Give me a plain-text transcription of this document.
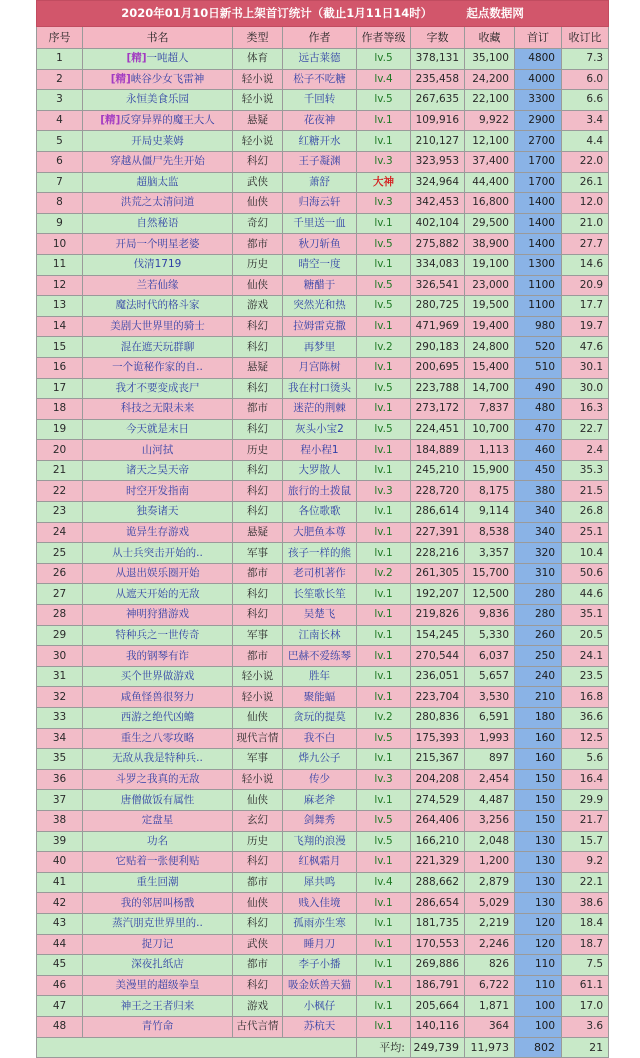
2020年01月10日新书上架首订统计（截止1月11日14时） 起点数据网								
序号	书名	类型	作者	作者等级	字数	收藏	首订	收订比
1	[精]一吨超人	体育	远古莱德	lv.5	378,131	35,100	4800	7.3
2	[精]峡谷少女飞雷神	轻小说	松子不吃糖	lv.4	235,458	24,200	4000	6.0
3	永恒美食乐园	轻小说	千回转	lv.5	267,635	22,100	3300	6.6
4	[精]反穿异界的魔王大人	悬疑	花夜神	lv.1	109,916	9,922	2900	3.4
5	开局史莱姆	轻小说	红糖开水	lv.1	210,127	12,100	2700	4.4
6	穿越从僵尸先生开始	科幻	王子凝渊	lv.3	323,953	37,400	1700	22.0
7	超脑太监	武侠	萧舒	大神	324,964	44,400	1700	26.1
8	洪荒之太清问道	仙侠	归海云轩	lv.3	342,453	16,800	1400	12.0
9	自然秘语	奇幻	千里送一血	lv.1	402,104	29,500	1400	21.0
10	开局一个明星老婆	都市	秋刀斩鱼	lv.5	275,882	38,900	1400	27.7
11	伐清1719	历史	晴空一度	lv.1	334,083	19,100	1300	14.6
12	兰若仙缘	仙侠	糖醋于	lv.5	326,541	23,000	1100	20.9
13	魔法时代的格斗家	游戏	突然光和热	lv.5	280,725	19,500	1100	17.7
14	美剧大世界里的骑士	科幻	拉姆雷克撒	lv.1	471,969	19,400	980	19.7
15	混在遮天玩群聊	科幻	再梦里	lv.2	290,183	24,800	520	47.6
16	一个诡秘作家的自..	悬疑	月宫陈树	lv.1	200,695	15,400	510	30.1
17	我才不要变成丧尸	科幻	我在村口烫头	lv.5	223,788	14,700	490	30.0
18	科技之无限未来	都市	迷茫的荆棘	lv.1	273,172	7,837	480	16.3
19	今天就是末日	科幻	灰头小宝2	lv.5	224,451	10,700	470	22.7
20	山河拭	历史	程小程1	lv.1	184,889	1,113	460	2.4
21	诸天之昊天帝	科幻	大罗散人	lv.1	245,210	15,900	450	35.3
22	时空开发指南	科幻	旅行的土拨鼠	lv.3	228,720	8,175	380	21.5
23	独奏诸天	科幻	各位歌歌	lv.1	286,614	9,114	340	26.8
24	诡异生存游戏	悬疑	大肥鱼本尊	lv.1	227,391	8,538	340	25.1
25	从士兵突击开始的..	军事	孩子一样的熊	lv.1	228,216	3,357	320	10.4
26	从退出娱乐圈开始	都市	老司机著作	lv.2	261,305	15,700	310	50.6
27	从遮天开始的无敌	科幻	长笙歌长笙	lv.1	192,207	12,500	280	44.6
28	神明狩猎游戏	科幻	吴楚飞	lv.1	219,826	9,836	280	35.1
29	特种兵之一世传奇	军事	江南长林	lv.1	154,245	5,330	260	20.5
30	我的钢琴有诈	都市	巴赫不爱练琴	lv.1	270,544	6,037	250	24.1
31	买个世界做游戏	轻小说	胜年	lv.1	236,051	5,657	240	23.5
32	咸鱼怪兽很努力	轻小说	聚能蝠	lv.1	223,704	3,530	210	16.8
33	西游之绝代凶蟾	仙侠	贪玩的提莫	lv.2	280,836	6,591	180	36.6
34	重生之八零攻略	现代言情	我不白	lv.5	175,393	1,993	160	12.5
35	无敌从我是特种兵..	军事	烨九公子	lv.1	215,367	897	160	5.6
36	斗罗之我真的无敌	轻小说	传少	lv.3	204,208	2,454	150	16.4
37	唐僧做饭有属性	仙侠	麻老斧	lv.1	274,529	4,487	150	29.9
38	定盘星	玄幻	剑舞秀	lv.5	264,406	3,256	150	21.7
39	功名	历史	飞翔的浪漫	lv.5	166,210	2,048	130	15.7
40	它贴着一张便利贴	科幻	红枫霜月	lv.1	221,329	1,200	130	9.2
41	重生回潮	都市	犀共鸣	lv.4	288,662	2,879	130	22.1
42	我的邻居叫杨戬	仙侠	贱入佳境	lv.1	286,654	5,029	130	38.6
43	蒸汽朋克世界里的..	科幻	孤雨亦生寒	lv.1	181,735	2,219	120	18.4
44	捉刀记	武侠	睡月刀	lv.1	170,553	2,246	120	18.7
45	深夜扎纸店	都市	李子小播	lv.1	269,886	826	110	7.5
46	美漫里的超级拳皇	科幻	吸金妖兽天猫	lv.1	186,791	6,722	110	61.1
47	神王之王者归来	游戏	小枫仔	lv.1	205,664	1,871	100	17.0
48	青竹命	古代言情	苏杭天	lv.1	140,116	364	100	3.6
				平均:	249,739	11,973	802	21
